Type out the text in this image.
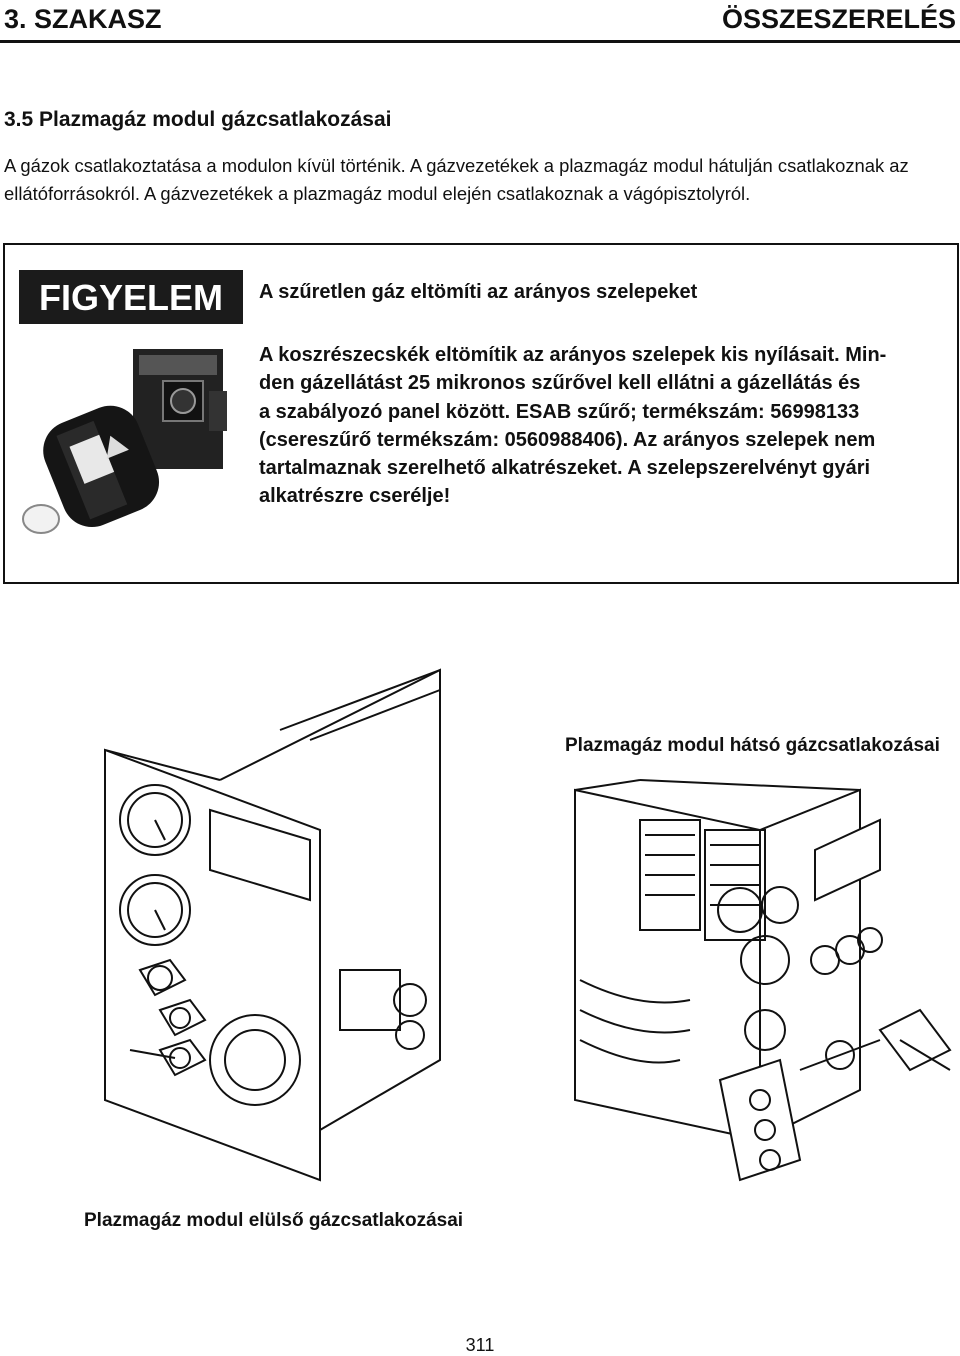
3. SZAKASZ	ÖSSZESZERELÉS
3.5 Plazmagáz modul gázcsatlakozásai
A gázok csatlakoztatása a modulon kívül történik. A gázvezetékek a plazmagáz modul hátulján csatlakoznak az ellátóforrásokról. A gázvezetékek a plazmagáz modul elején csatlakoznak a vágópisztolyról.
FIGYELEM	A szűretlen gáz eltömíti az arányos szelepeket
A koszrészecskék eltömítik az arányos szelepek kis nyílásait. Min-
den gázellátást 25 mikronos szűrővel kell ellátni a gázellátás és
a szabályozó panel között. ESAB szűrő; termékszám: 56998133
(csereszűrő termékszám: 0560988406). Az arányos szelepek nem
tartalmaznak szerelhető alkatrészeket. A szelepszerelvényt gyári
alkatrészre cserélje!
Plazmagáz modul hátsó gázcsatlakozásai
Plazmagáz modul elülső gázcsatlakozásai
311
